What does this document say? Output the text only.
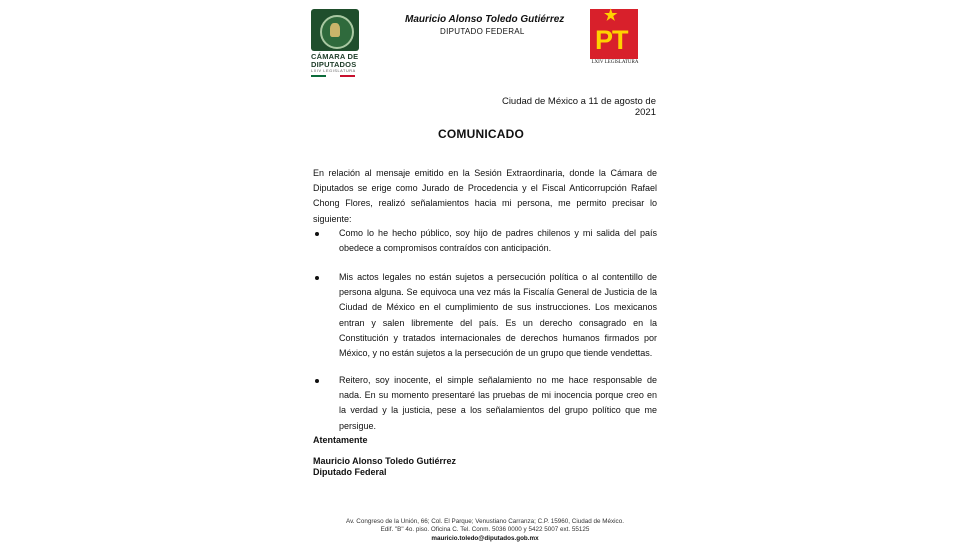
CÁMARA DE
DIPUTADOS
LXIV LEGISLATURA
Mauricio Alonso Toledo Gutiérrez
DIPUTADO FEDERAL
★
PT
LXIV LEGISLATURA
Ciudad de México a 11 de agosto de 2021
COMUNICADO
En relación al mensaje emitido en la Sesión Extraordinaria, donde la Cámara de Diputados se erige como Jurado de Procedencia y el Fiscal Anticorrupción Rafael Chong Flores, realizó señalamientos hacia mi persona, me permito precisar lo siguiente:
Como lo he hecho público, soy hijo de padres chilenos y mi salida del país obedece a compromisos contraídos con anticipación.
Mis actos legales no están sujetos a persecución política o al contentillo de persona alguna. Se equivoca una vez más la Fiscalía General de Justicia de la Ciudad de México en el cumplimiento de sus instrucciones. Los mexicanos entran y salen libremente del país. Es un derecho consagrado en la Constitución y tratados internacionales de derechos humanos firmados por México, y no están sujetos a la persecución de un grupo que tiende vendettas.
Reitero, soy inocente, el simple señalamiento no me hace responsable de nada. En su momento presentaré las pruebas de mi inocencia porque creo en la verdad y la justicia, pese a los señalamientos del grupo político que me persigue.
Atentamente
Mauricio Alonso Toledo Gutiérrez
Diputado Federal
Av. Congreso de la Unión, 66; Col. El Parque; Venustiano Carranza; C.P. 15960, Ciudad de México.
Edif. "B" 4o. piso. Oficina C. Tel. Conm. 5036 0000 y 5422 5007 ext. 55125
mauricio.toledo@diputados.gob.mx
